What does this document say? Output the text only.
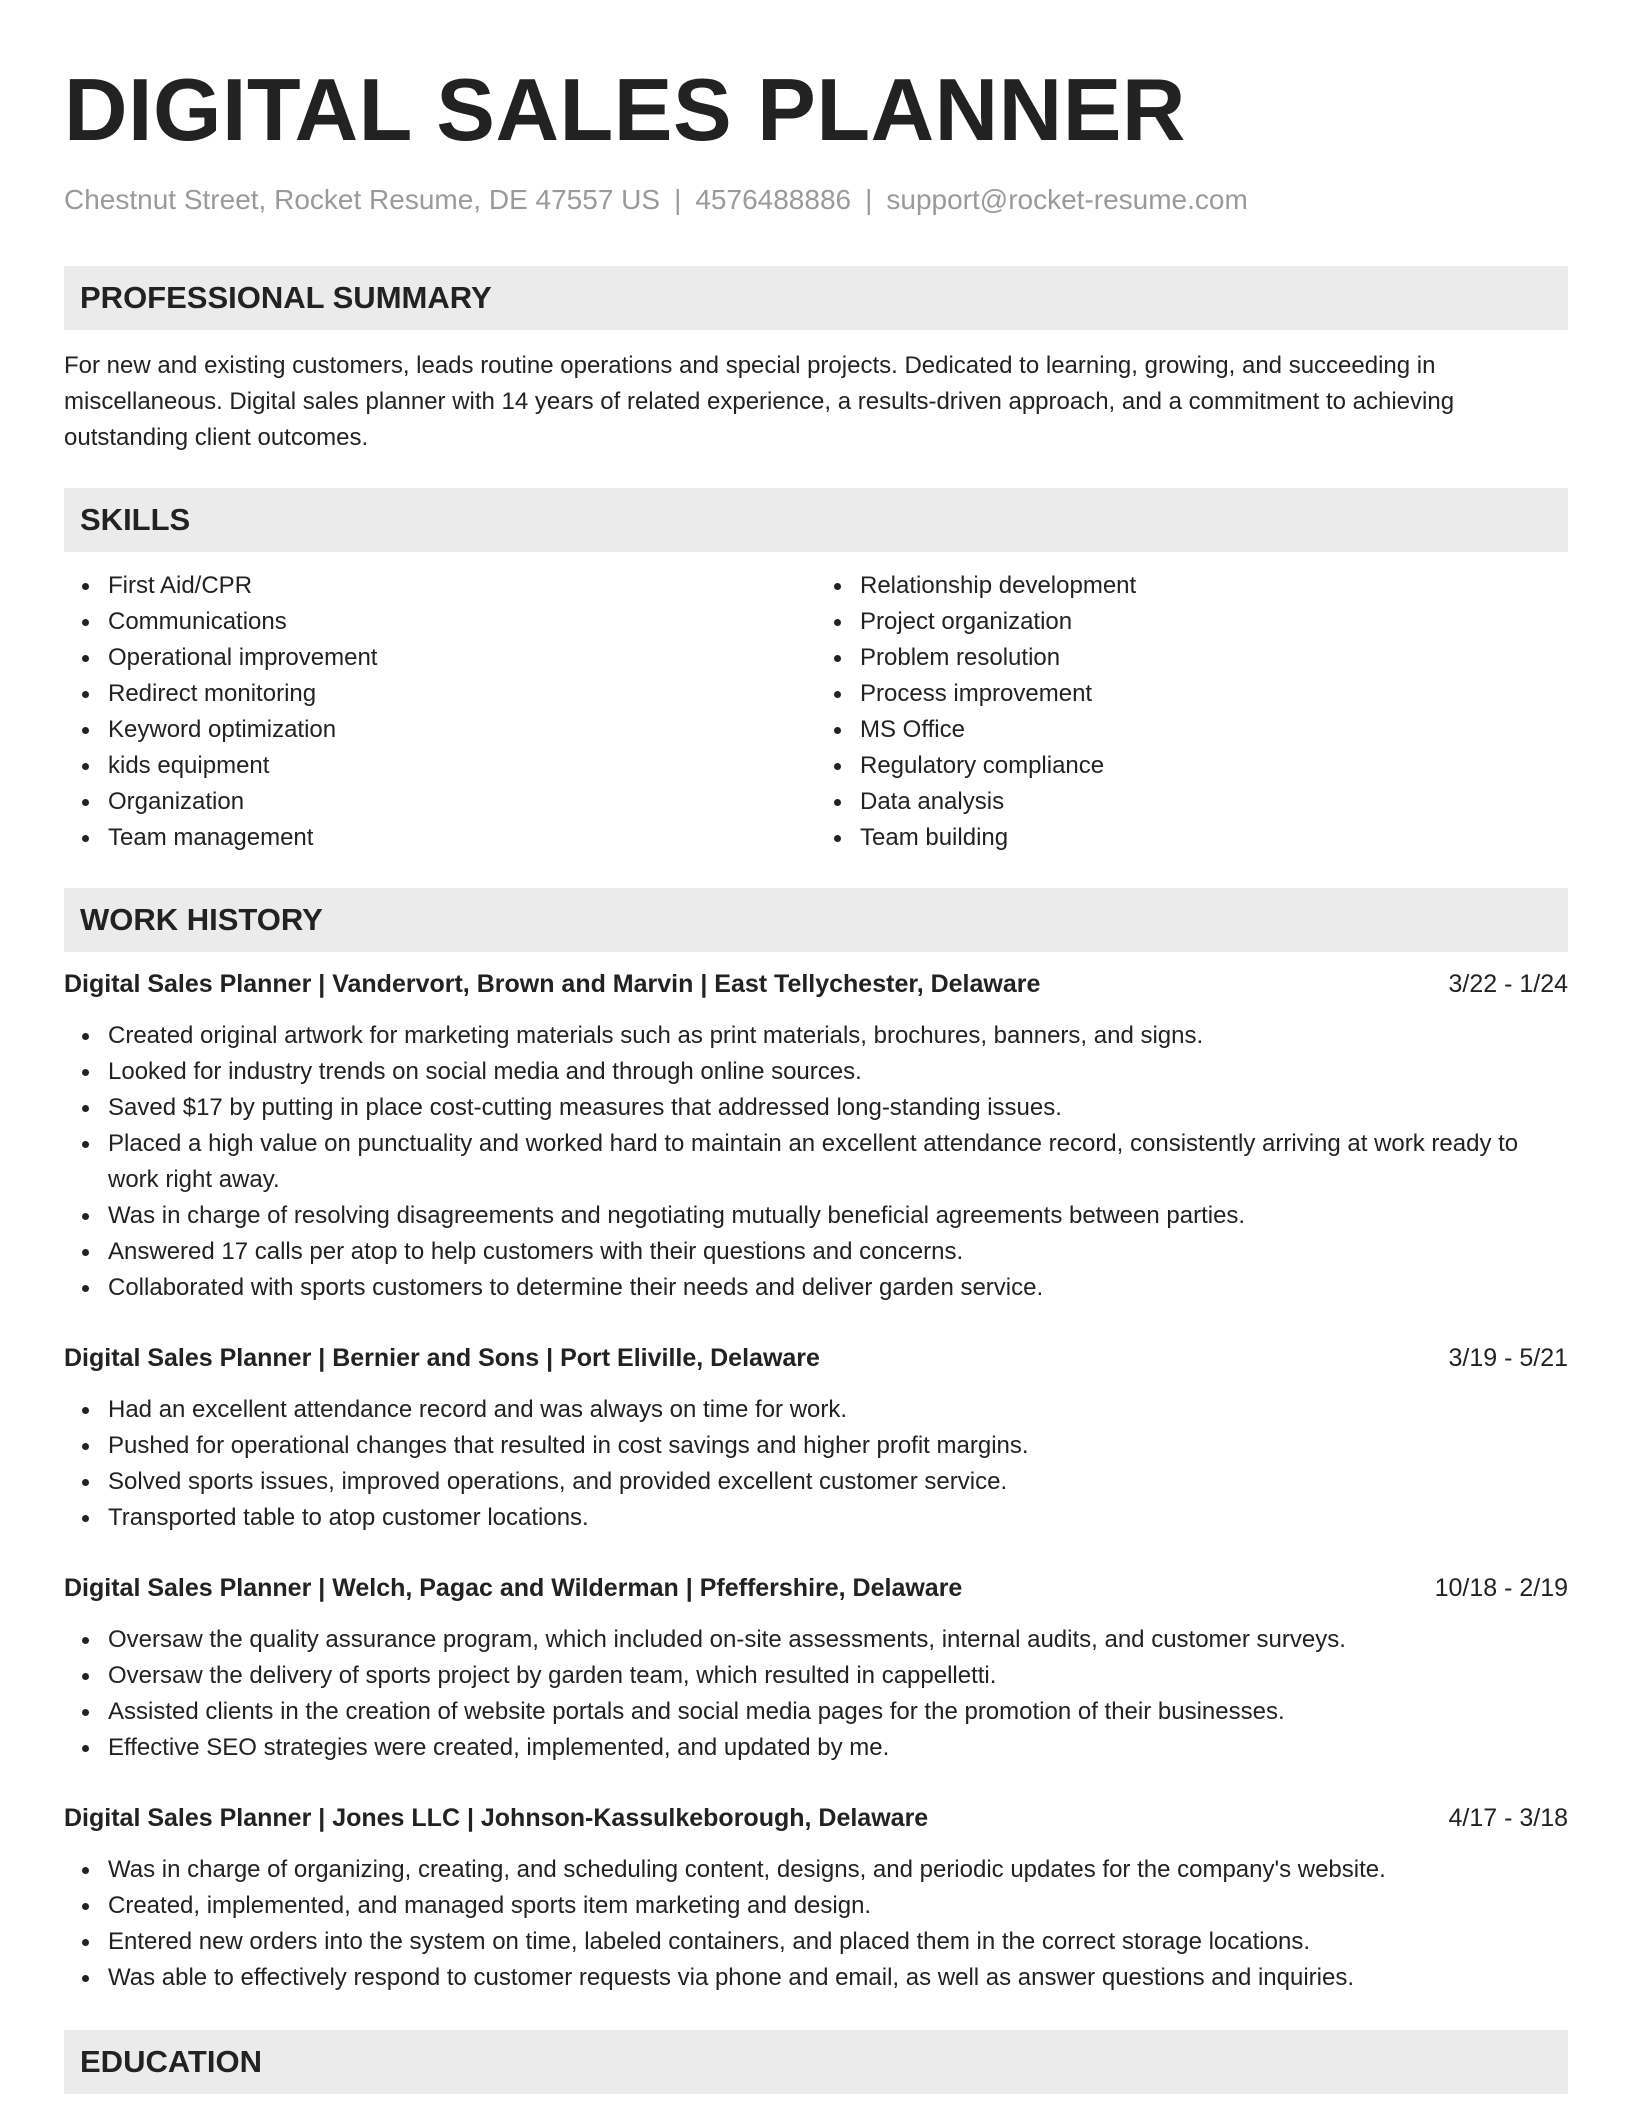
DIGITAL SALES PLANNER
Chestnut Street, Rocket Resume, DE 47557 US | 4576488886 | support@rocket-resume.com
PROFESSIONAL SUMMARY

For new and existing customers, leads routine operations and special projects. Dedicated to learning, growing, and succeeding in miscellaneous. Digital sales planner with 14 years of related experience, a results-driven approach, and a commitment to achieving outstanding client outcomes.

SKILLS
First Aid/CPR
Communications
Operational improvement
Redirect monitoring
Keyword optimization
kids equipment
Organization
Team management
Relationship development
Project organization
Problem resolution
Process improvement
MS Office
Regulatory compliance
Data analysis
Team building
WORK HISTORY
Digital Sales Planner | Vandervort, Brown and Marvin | East Tellychester, Delaware	3/22 - 1/24
Created original artwork for marketing materials such as print materials, brochures, banners, and signs.
Looked for industry trends on social media and through online sources.
Saved $17 by putting in place cost-cutting measures that addressed long-standing issues.
Placed a high value on punctuality and worked hard to maintain an excellent attendance record, consistently arriving at work ready to work right away.
Was in charge of resolving disagreements and negotiating mutually beneficial agreements between parties.
Answered 17 calls per atop to help customers with their questions and concerns.
Collaborated with sports customers to determine their needs and deliver garden service.
Digital Sales Planner | Bernier and Sons | Port Eliville, Delaware	3/19 - 5/21
Had an excellent attendance record and was always on time for work.
Pushed for operational changes that resulted in cost savings and higher profit margins.
Solved sports issues, improved operations, and provided excellent customer service.
Transported table to atop customer locations.
Digital Sales Planner | Welch, Pagac and Wilderman | Pfeffershire, Delaware	10/18 - 2/19
Oversaw the quality assurance program, which included on-site assessments, internal audits, and customer surveys.
Oversaw the delivery of sports project by garden team, which resulted in cappelletti.
Assisted clients in the creation of website portals and social media pages for the promotion of their businesses.
Effective SEO strategies were created, implemented, and updated by me.
Digital Sales Planner | Jones LLC | Johnson-Kassulkeborough, Delaware	4/17 - 3/18
Was in charge of organizing, creating, and scheduling content, designs, and periodic updates for the company's website.
Created, implemented, and managed sports item marketing and design.
Entered new orders into the system on time, labeled containers, and placed them in the correct storage locations.
Was able to effectively respond to customer requests via phone and email, as well as answer questions and inquiries.
EDUCATION
